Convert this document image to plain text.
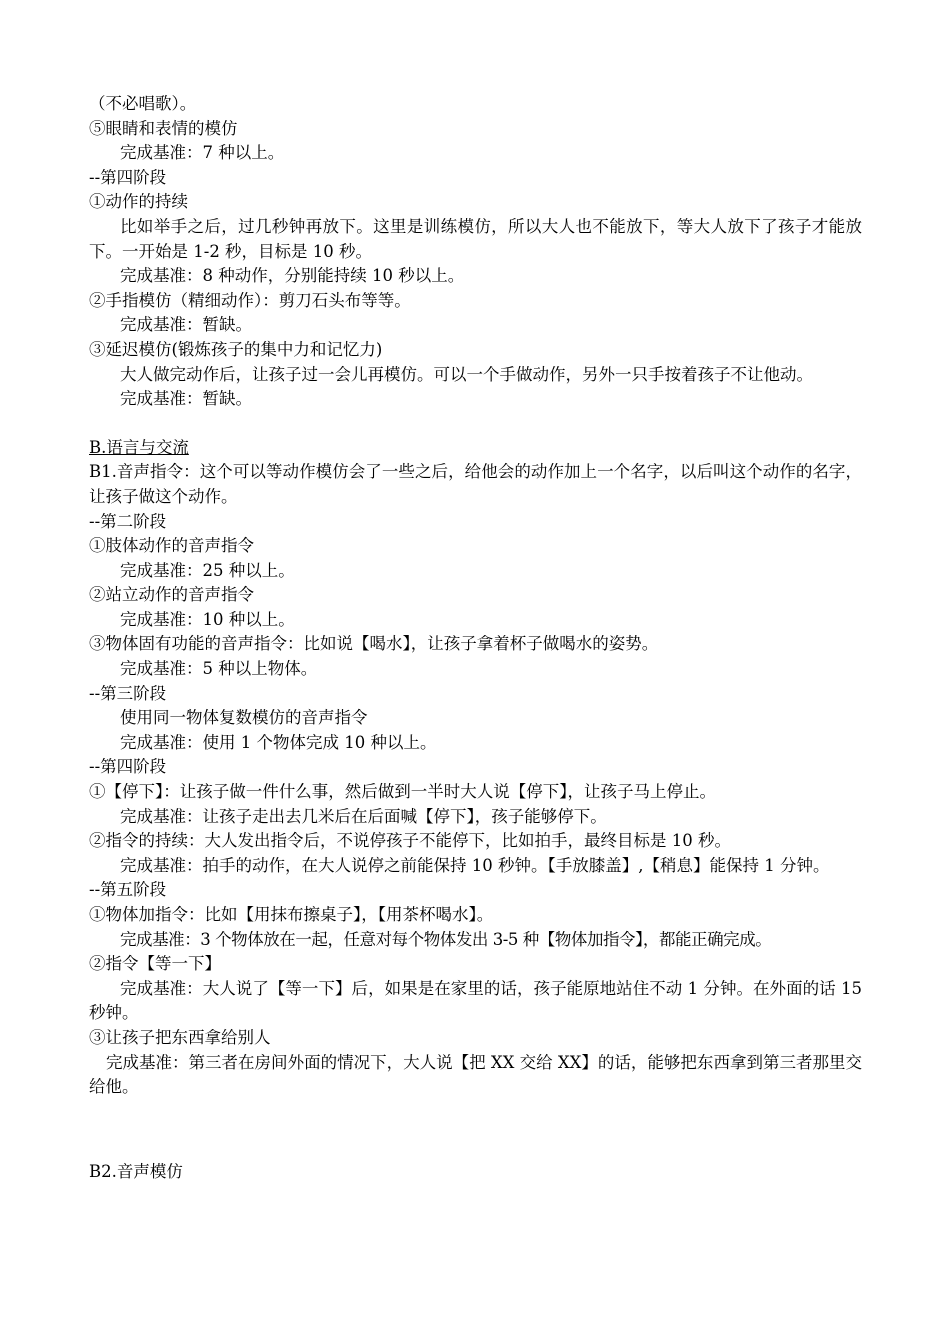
（不必唱歌）。

⑤眼睛和表情的模仿

完成基准：7 种以上。

--第四阶段

①动作的持续

比如举手之后，过几秒钟再放下。这里是训练模仿，所以大人也不能放下，等大人放下了孩子才能放下。一开始是 1-2 秒，目标是 10 秒。

完成基准：8 种动作，分别能持续 10 秒以上。

②手指模仿（精细动作）：剪刀石头布等等。

完成基准：暂缺。

③延迟模仿(锻炼孩子的集中力和记忆力)

大人做完动作后，让孩子过一会儿再模仿。可以一个手做动作，另外一只手按着孩子不让他动。

完成基准：暂缺。

B.语言与交流

B1.音声指令：这个可以等动作模仿会了一些之后，给他会的动作加上一个名字，以后叫这个动作的名字，让孩子做这个动作。

--第二阶段

①肢体动作的音声指令

完成基准：25 种以上。

②站立动作的音声指令

完成基准：10 种以上。

③物体固有功能的音声指令：比如说【喝水】，让孩子拿着杯子做喝水的姿势。

完成基准：5 种以上物体。

--第三阶段

使用同一物体复数模仿的音声指令

完成基准：使用 1 个物体完成 10 种以上。

--第四阶段

①【停下】：让孩子做一件什么事，然后做到一半时大人说【停下】，让孩子马上停止。

完成基准：让孩子走出去几米后在后面喊【停下】，孩子能够停下。

②指令的持续：大人发出指令后，不说停孩子不能停下，比如拍手，最终目标是 10 秒。

完成基准：拍手的动作，在大人说停之前能保持 10 秒钟。【手放膝盖】,【稍息】能保持 1 分钟。

--第五阶段

①物体加指令：比如【用抹布擦桌子】，【用茶杯喝水】。

完成基准：3 个物体放在一起，任意对每个物体发出 3-5 种【物体加指令】，都能正确完成。

②指令【等一下】

完成基准：大人说了【等一下】后，如果是在家里的话，孩子能原地站住不动 1 分钟。在外面的话 15 秒钟。

③让孩子把东西拿给别人

完成基准：第三者在房间外面的情况下，大人说【把 XX 交给 XX】的话，能够把东西拿到第三者那里交给他。

B2.音声模仿
